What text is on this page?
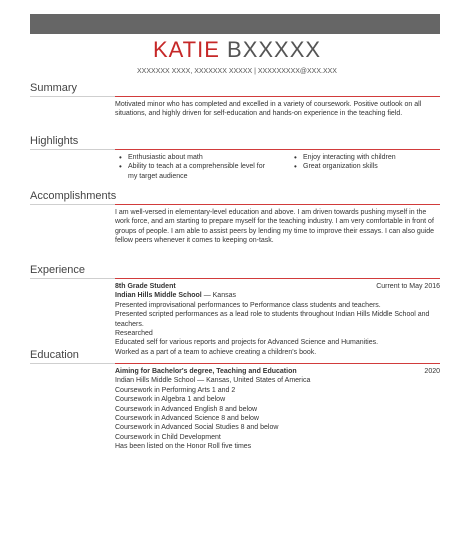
KATIE BXXXXX
XXXXXXX XXXX, XXXXXXX XXXXX | XXXXXXXXX@XXX.XXX
Summary
Motivated minor who has completed and excelled in a variety of coursework. Positive outlook on all situations, and highly driven for self-education and hands-on experience in the teaching field.
Highlights
• Enthusiastic about math
• Ability to teach at a comprehensible level for my target audience
• Enjoy interacting with children
• Great organization skills
Accomplishments
I am well-versed in elementary-level education and above. I am driven towards pushing myself in the work force, and am starting to prepare myself for the teaching industry. I am very comfortable in front of groups of people. I am able to assist peers by lending my time to improve their essays. I can also guide fellow peers whenever it comes to keeping on-task.
Experience
8th Grade Student	Current to May 2016
Indian Hills Middle School — Kansas
Presented improvisational performances to Performance class students and teachers.
Presented scripted performances as a lead role to students throughout Indian Hills Middle School and teachers.
Researched
Educated self for various reports and projects for Advanced Science and Humanities.
Worked as a part of a team to achieve creating a children's book.
Education
Aiming for Bachelor's degree, Teaching and Education	2020
Indian Hills Middle School — Kansas, United States of America
Coursework in Performing Arts 1 and 2
Coursework in Algebra 1 and below
Coursework in Advanced English 8 and below
Coursework in Advanced Science 8 and below
Coursework in Advanced Social Studies 8 and below
Coursework in Child Development
Has been listed on the Honor Roll five times
